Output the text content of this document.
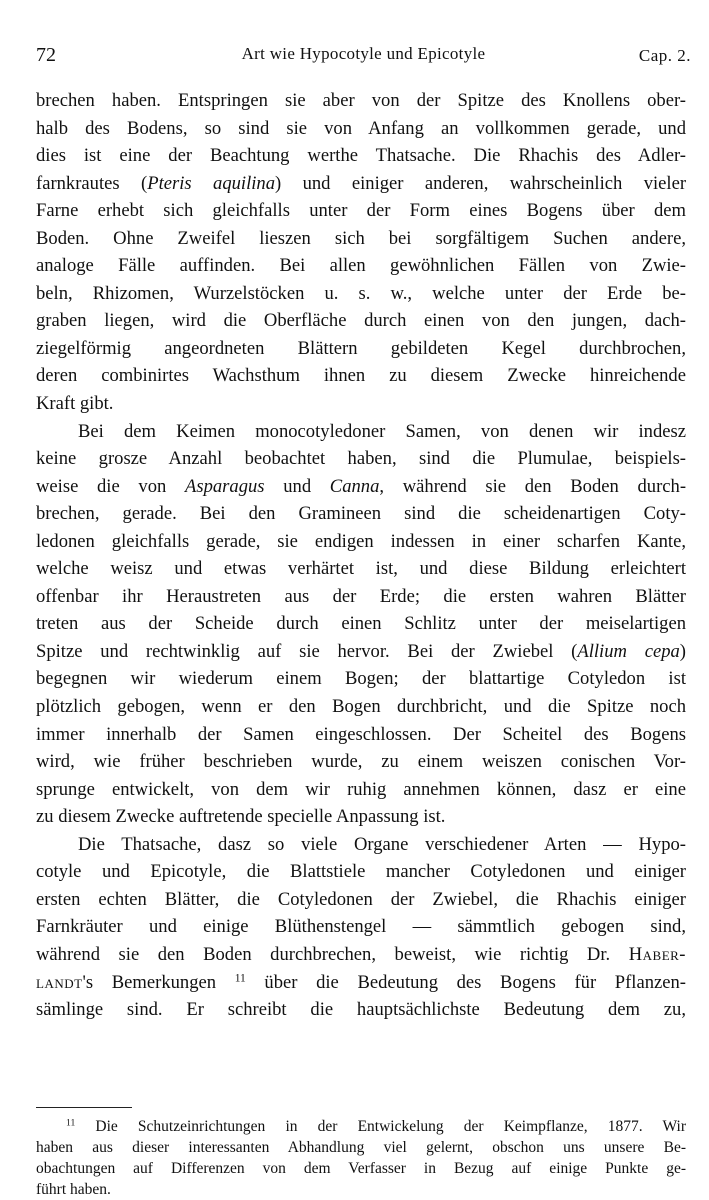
72	Art wie Hypocotyle und Epicotyle	Cap. 2.
brechen haben. Entspringen sie aber von der Spitze des Knollens ober-
halb des Bodens, so sind sie von Anfang an vollkommen gerade, und
dies ist eine der Beachtung werthe Thatsache. Die Rhachis des Adler-
farnkrautes (Pteris aquilina) und einiger anderen, wahrscheinlich vieler
Farne erhebt sich gleichfalls unter der Form eines Bogens über dem
Boden. Ohne Zweifel lieszen sich bei sorgfältigem Suchen andere,
analoge Fälle auffinden. Bei allen gewöhnlichen Fällen von Zwie-
beln, Rhizomen, Wurzelstöcken u. s. w., welche unter der Erde be-
graben liegen, wird die Oberfläche durch einen von den jungen, dach-
ziegelförmig angeordneten Blättern gebildeten Kegel durchbrochen,
deren combinirtes Wachsthum ihnen zu diesem Zwecke hinreichende
Kraft gibt.
Bei dem Keimen monocotyledoner Samen, von denen wir indesz
keine grosze Anzahl beobachtet haben, sind die Plumulae, beispiels-
weise die von Asparagus und Canna, während sie den Boden durch-
brechen, gerade. Bei den Gramineen sind die scheidenartigen Coty-
ledonen gleichfalls gerade, sie endigen indessen in einer scharfen Kante,
welche weisz und etwas verhärtet ist, und diese Bildung erleichtert
offenbar ihr Heraustreten aus der Erde; die ersten wahren Blätter
treten aus der Scheide durch einen Schlitz unter der meiselartigen
Spitze und rechtwinklig auf sie hervor. Bei der Zwiebel (Allium cepa)
begegnen wir wiederum einem Bogen; der blattartige Cotyledon ist
plötzlich gebogen, wenn er den Bogen durchbricht, und die Spitze noch
immer innerhalb der Samen eingeschlossen. Der Scheitel des Bogens
wird, wie früher beschrieben wurde, zu einem weiszen conischen Vor-
sprunge entwickelt, von dem wir ruhig annehmen können, dasz er eine
zu diesem Zwecke auftretende specielle Anpassung ist.
Die Thatsache, dasz so viele Organe verschiedener Arten — Hypo-
cotyle und Epicotyle, die Blattstiele mancher Cotyledonen und einiger
ersten echten Blätter, die Cotyledonen der Zwiebel, die Rhachis einiger
Farnkräuter und einige Blüthenstengel — sämmtlich gebogen sind,
während sie den Boden durchbrechen, beweist, wie richtig Dr. Haber-
landt's Bemerkungen $^{11}$ über die Bedeutung des Bogens für Pflanzen-
sämlinge sind. Er schreibt die hauptsächlichste Bedeutung dem zu,
$^{11}$ Die Schutzeinrichtungen in der Entwickelung der Keimpflanze, 1877. Wir
haben aus dieser interessanten Abhandlung viel gelernt, obschon uns unsere Be-
obachtungen auf Differenzen von dem Verfasser in Bezug auf einige Punkte ge-
führt haben.
